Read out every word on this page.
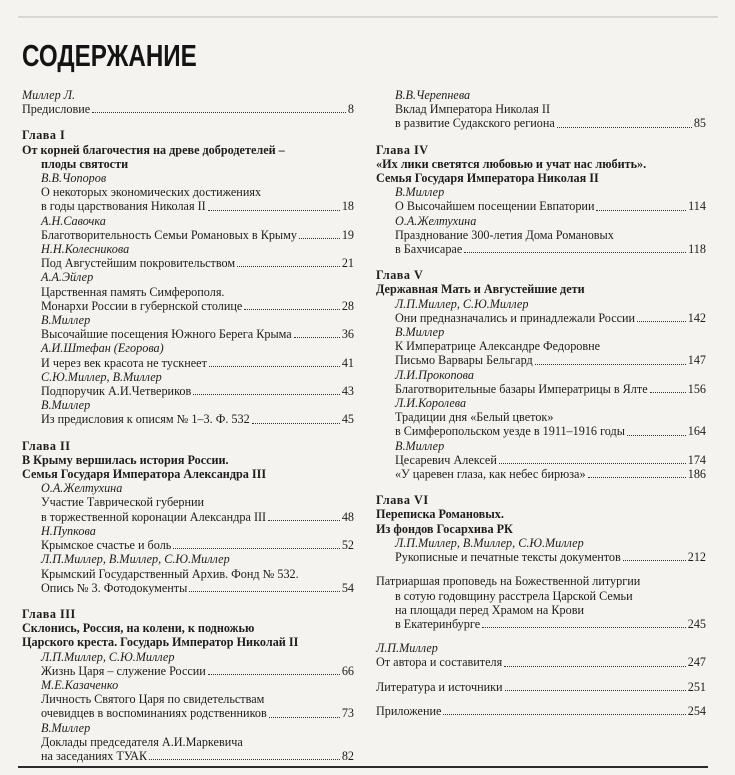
СОДЕРЖАНИЕ
Миллер Л.
Предисловие	8
Глава I
От корней благочестия на древе добродетелей –
плоды святости
В.В.Чопоров
О некоторых экономических достижениях
в годы царствования Николая II	18
А.Н.Савочка
Благотворительность Семьи Романовых в Крыму	19
Н.Н.Колесникова
Под Августейшим покровительством	21
А.А.Эйлер
Царственная память Симферополя.
Монархи России в губернской столице	28
В.Миллер
Высочайшие посещения Южного Берега Крыма	36
А.И.Штефан (Егорова)
И через век красота не тускнеет	41
С.Ю.Миллер, В.Миллер
Подпоручик А.И.Четвериков	43
В.Миллер
Из предисловия к описям № 1–3. Ф. 532	45
Глава II
В Крыму вершилась история России.
Семья Государя Императора Александра III
О.А.Желтухина
Участие Таврической губернии
в торжественной коронации Александра III	48
Н.Пупкова
Крымское счастье и боль	52
Л.П.Миллер, В.Миллер, С.Ю.Миллер
Крымский Государственный Архив. Фонд № 532.
Опись № 3. Фотодокументы	54
Глава III
Склонись, Россия, на колени, к подножью
Царского креста. Государь Император Николай II
Л.П.Миллер, С.Ю.Миллер
Жизнь Царя – служение России	66
М.Е.Казаченко
Личность Святого Царя по свидетельствам
очевидцев в воспоминаниях родственников	73
В.Миллер
Доклады председателя А.И.Маркевича
на заседаниях ТУАК	82
В.В.Черепнева
Вклад Императора Николая II
в развитие Судакского региона	85
Глава IV
«Их лики светятся любовью и учат нас любить».
Семья Государя Императора Николая II
В.Миллер
О Высочайшем посещении Евпатории	114
О.А.Желтухина
Празднование 300-летия Дома Романовых
в Бахчисарае	118
Глава V
Державная Мать и Августейшие дети
Л.П.Миллер, С.Ю.Миллер
Они предназначались и принадлежали России	142
В.Миллер
К Императрице Александре Федоровне
Письмо Варвары Бельгард	147
Л.И.Прокопова
Благотворительные базары Императрицы в Ялте	156
Л.И.Королева
Традиции дня «Белый цветок»
в Симферопольском уезде в 1911–1916 годы	164
В.Миллер
Цесаревич Алексей	174
«У царевен глаза, как небес бирюза»	186
Глава VI
Переписка Романовых.
Из фондов Госархива РК
Л.П.Миллер, В.Миллер, С.Ю.Миллер
Рукописные и печатные тексты документов	212
Патриаршая проповедь на Божественной литургии
в сотую годовщину расстрела Царской Семьи
на площади перед Храмом на Крови
в Екатеринбурге	245
Л.П.Миллер
От автора и составителя	247
Литература и источники	251
Приложение	254
